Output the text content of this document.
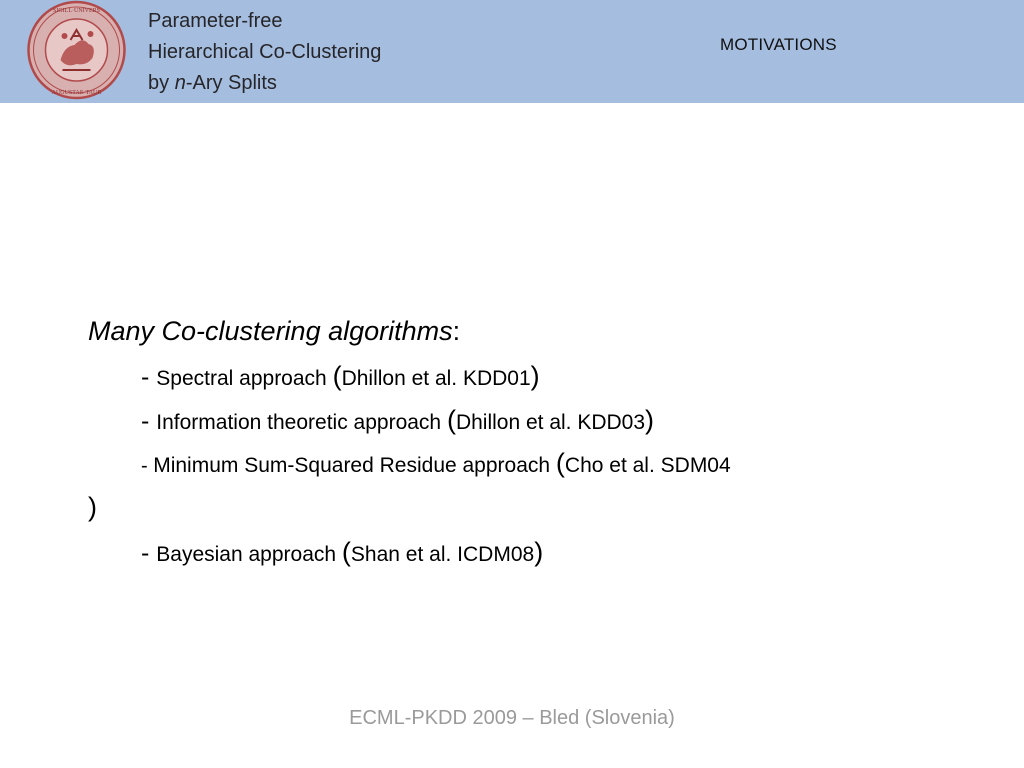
SIGILL·UNIVERS
AUGUSTAE·TAUR
Parameter-free
Hierarchical Co-Clustering
by n-Ary Splits
MOTIVATIONS
Many Co-clustering algorithms:
- Spectral approach (Dhillon et al. KDD01)
- Information theoretic approach (Dhillon et al. KDD03)
- Minimum Sum-Squared Residue approach (Cho et al. SDM04
)
- Bayesian approach (Shan et al. ICDM08)
ECML-PKDD 2009 – Bled (Slovenia)
